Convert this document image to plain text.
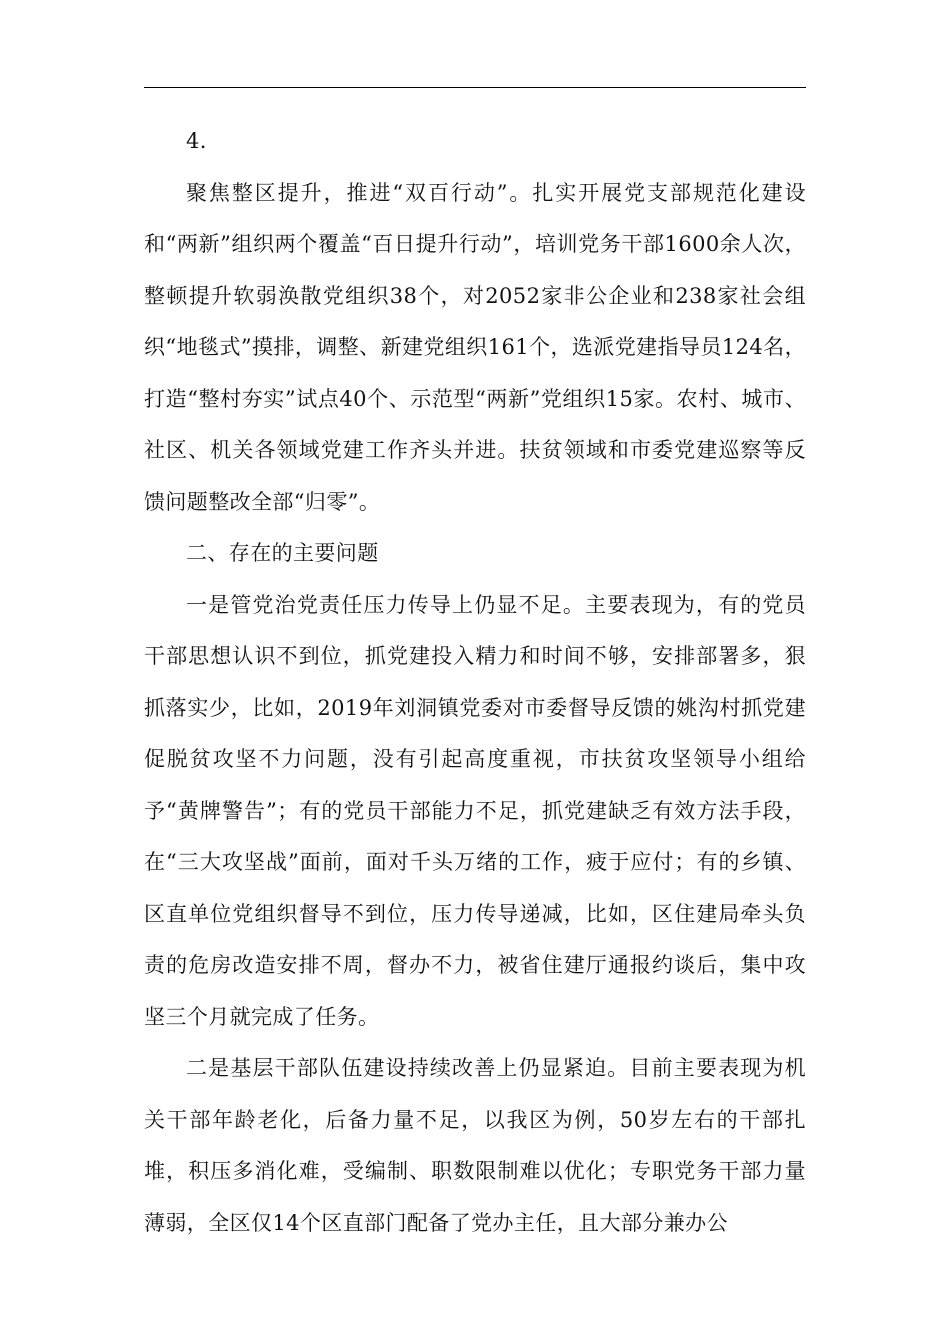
4.

聚焦整区提升，推进“双百行动”。扎实开展党支部规范化建设和“两新”组织两个覆盖“百日提升行动”，培训党务干部1600余人次，整顿提升软弱涣散党组织38个，对2052家非公企业和238家社会组织“地毯式”摸排，调整、新建党组织161个，选派党建指导员124名，打造“整村夯实”试点40个、示范型“两新”党组织15家。农村、城市、社区、机关各领域党建工作齐头并进。扶贫领域和市委党建巡察等反馈问题整改全部“归零”。

二、存在的主要问题

一是管党治党责任压力传导上仍显不足。主要表现为，有的党员干部思想认识不到位，抓党建投入精力和时间不够，安排部署多，狠抓落实少，比如，2019年刘洞镇党委对市委督导反馈的姚沟村抓党建促脱贫攻坚不力问题，没有引起高度重视，市扶贫攻坚领导小组给予“黄牌警告”；有的党员干部能力不足，抓党建缺乏有效方法手段，在“三大攻坚战”面前，面对千头万绪的工作，疲于应付；有的乡镇、区直单位党组织督导不到位，压力传导递减，比如，区住建局牵头负责的危房改造安排不周，督办不力，被省住建厅通报约谈后，集中攻坚三个月就完成了任务。

二是基层干部队伍建设持续改善上仍显紧迫。目前主要表现为机关干部年龄老化，后备力量不足，以我区为例，50岁左右的干部扎堆，积压多消化难，受编制、职数限制难以优化；专职党务干部力量薄弱，全区仅14个区直部门配备了党办主任，且大部分兼办公
